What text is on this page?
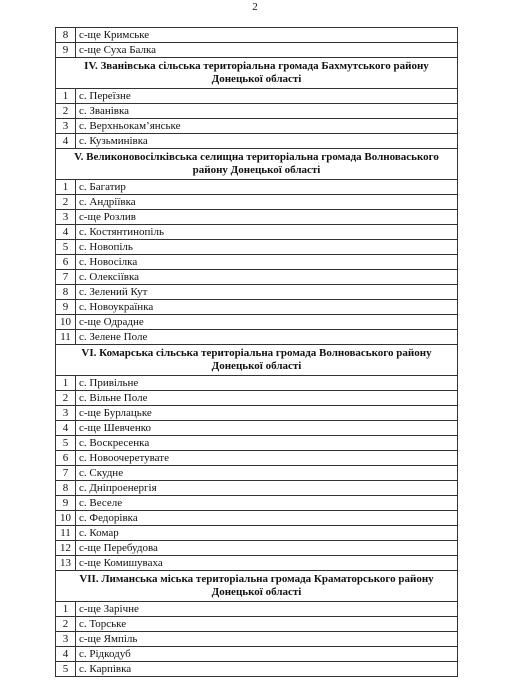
2
8	с-ще Кримське
9	с-ще Суха Балка
IV. Званівська сільська територіальна громада Бахмутського району Донецької області	
1	с. Переїзне
2	с. Званівка
3	с. Верхньокам’янське
4	с. Кузьминівка
V. Великоновосілківська селищна територіальна громада Волноваського району Донецької області	
1	с. Багатир
2	с. Андріївка
3	с-ще Розлив
4	с. Костянтинопіль
5	с. Новопіль
6	с. Новосілка
7	с. Олексіївка
8	с. Зелений Кут
9	с. Новоукраїнка
10	с-ще Одрадне
11	с. Зелене Поле
VI. Комарська сільська територіальна громада Волноваського району Донецької області	
1	с. Привільне
2	с. Вільне Поле
3	с-ще Бурлацьке
4	с-ще Шевченко
5	с. Воскресенка
6	с. Новоочеретувате
7	с. Скудне
8	с. Дніпроенергія
9	с. Веселе
10	с. Федорівка
11	с. Комар
12	с-ще Перебудова
13	с-ще Комишуваха
VII. Лиманська міська територіальна громада Краматорського району Донецької області	
1	с-ще Зарічне
2	с. Торське
3	с-ще Ямпіль
4	с. Рідкодуб
5	с. Карпівка
